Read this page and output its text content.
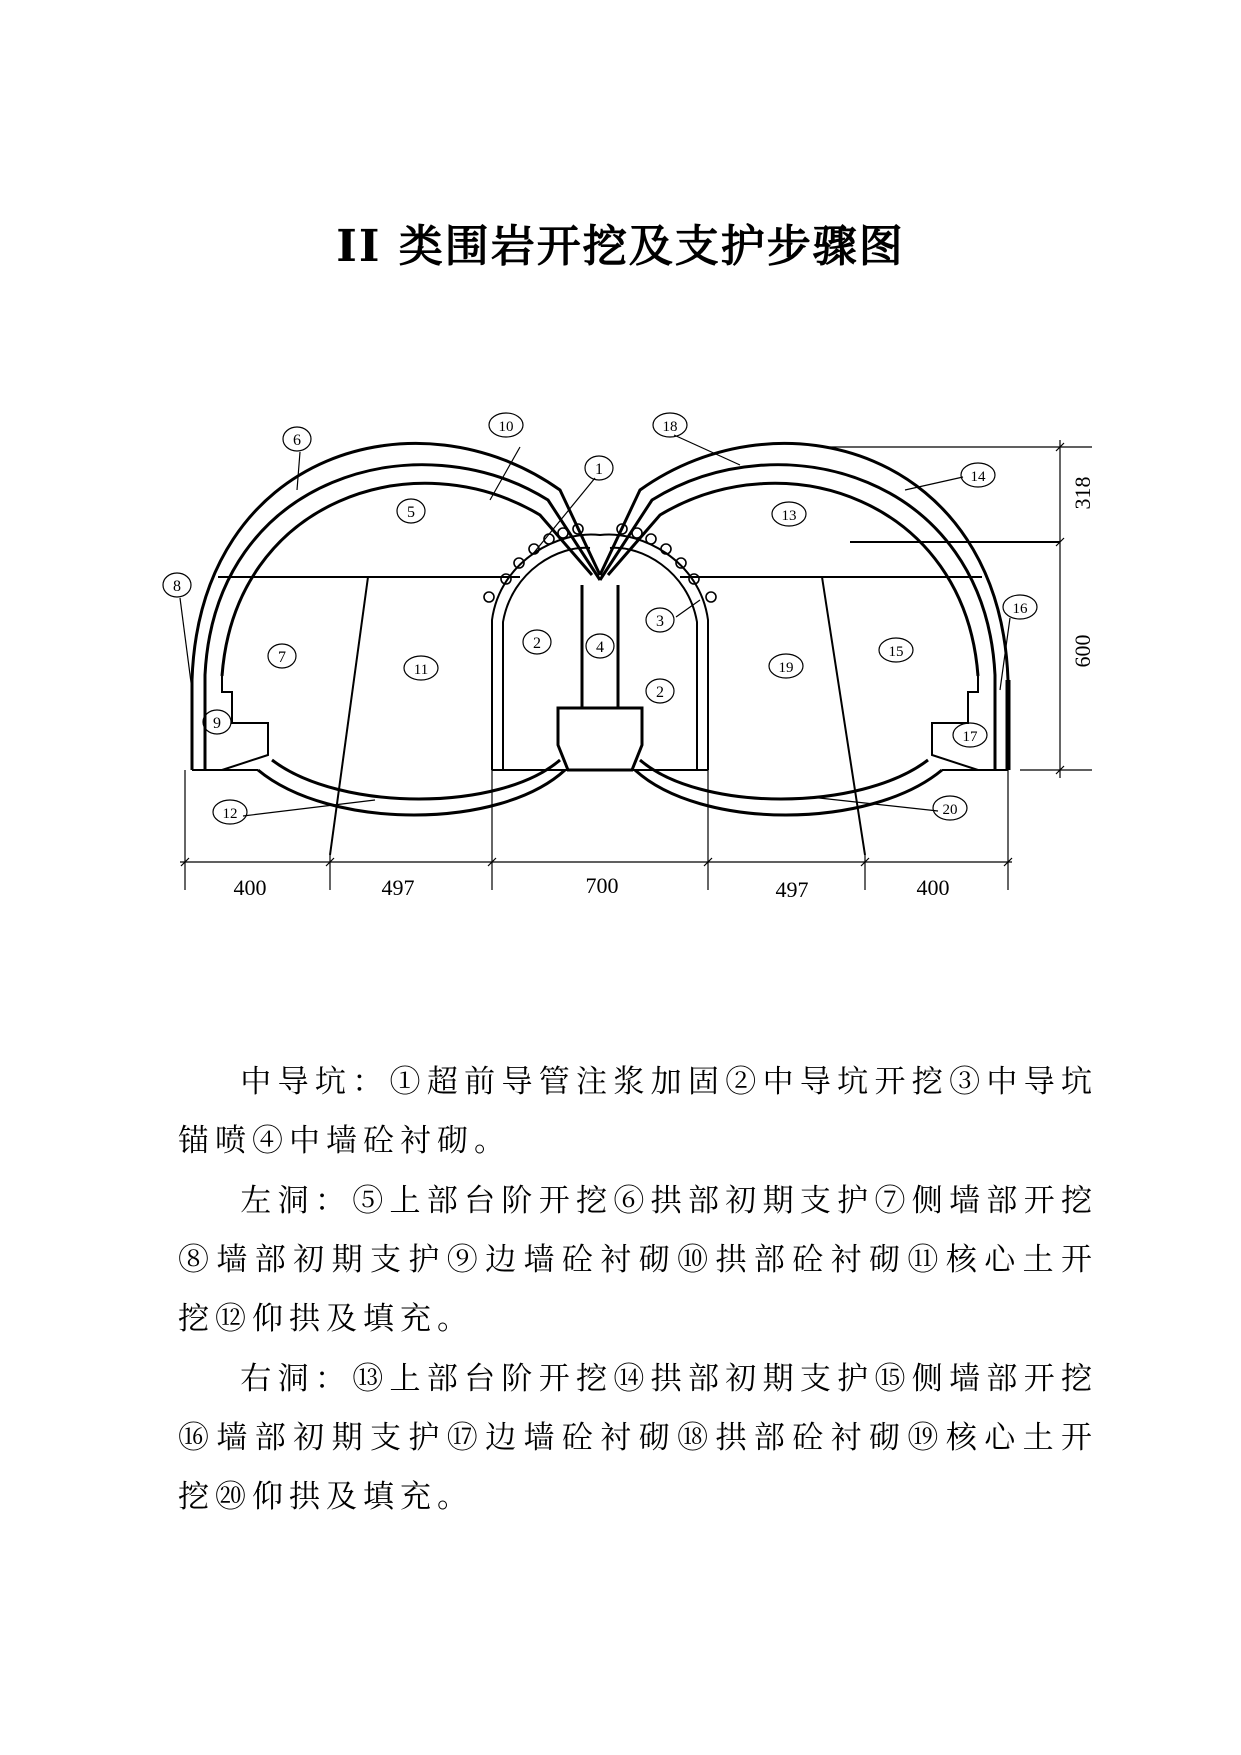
II 类围岩开挖及支护步骤图
1
2
2
3
4
5
6
7
8
9
10
11
12
13
14
15
16
17
18
19
20
400	497	700	497	400
318
600
中导坑：①超前导管注浆加固②中导坑开挖③中导坑锚喷④中墙砼衬砌。
左洞：⑤上部台阶开挖⑥拱部初期支护⑦侧墙部开挖⑧墙部初期支护⑨边墙砼衬砌⑩拱部砼衬砌⑪核心土开挖⑫仰拱及填充。
右洞：⑬上部台阶开挖⑭拱部初期支护⑮侧墙部开挖⑯墙部初期支护⑰边墙砼衬砌⑱拱部砼衬砌⑲核心土开挖⑳仰拱及填充。
